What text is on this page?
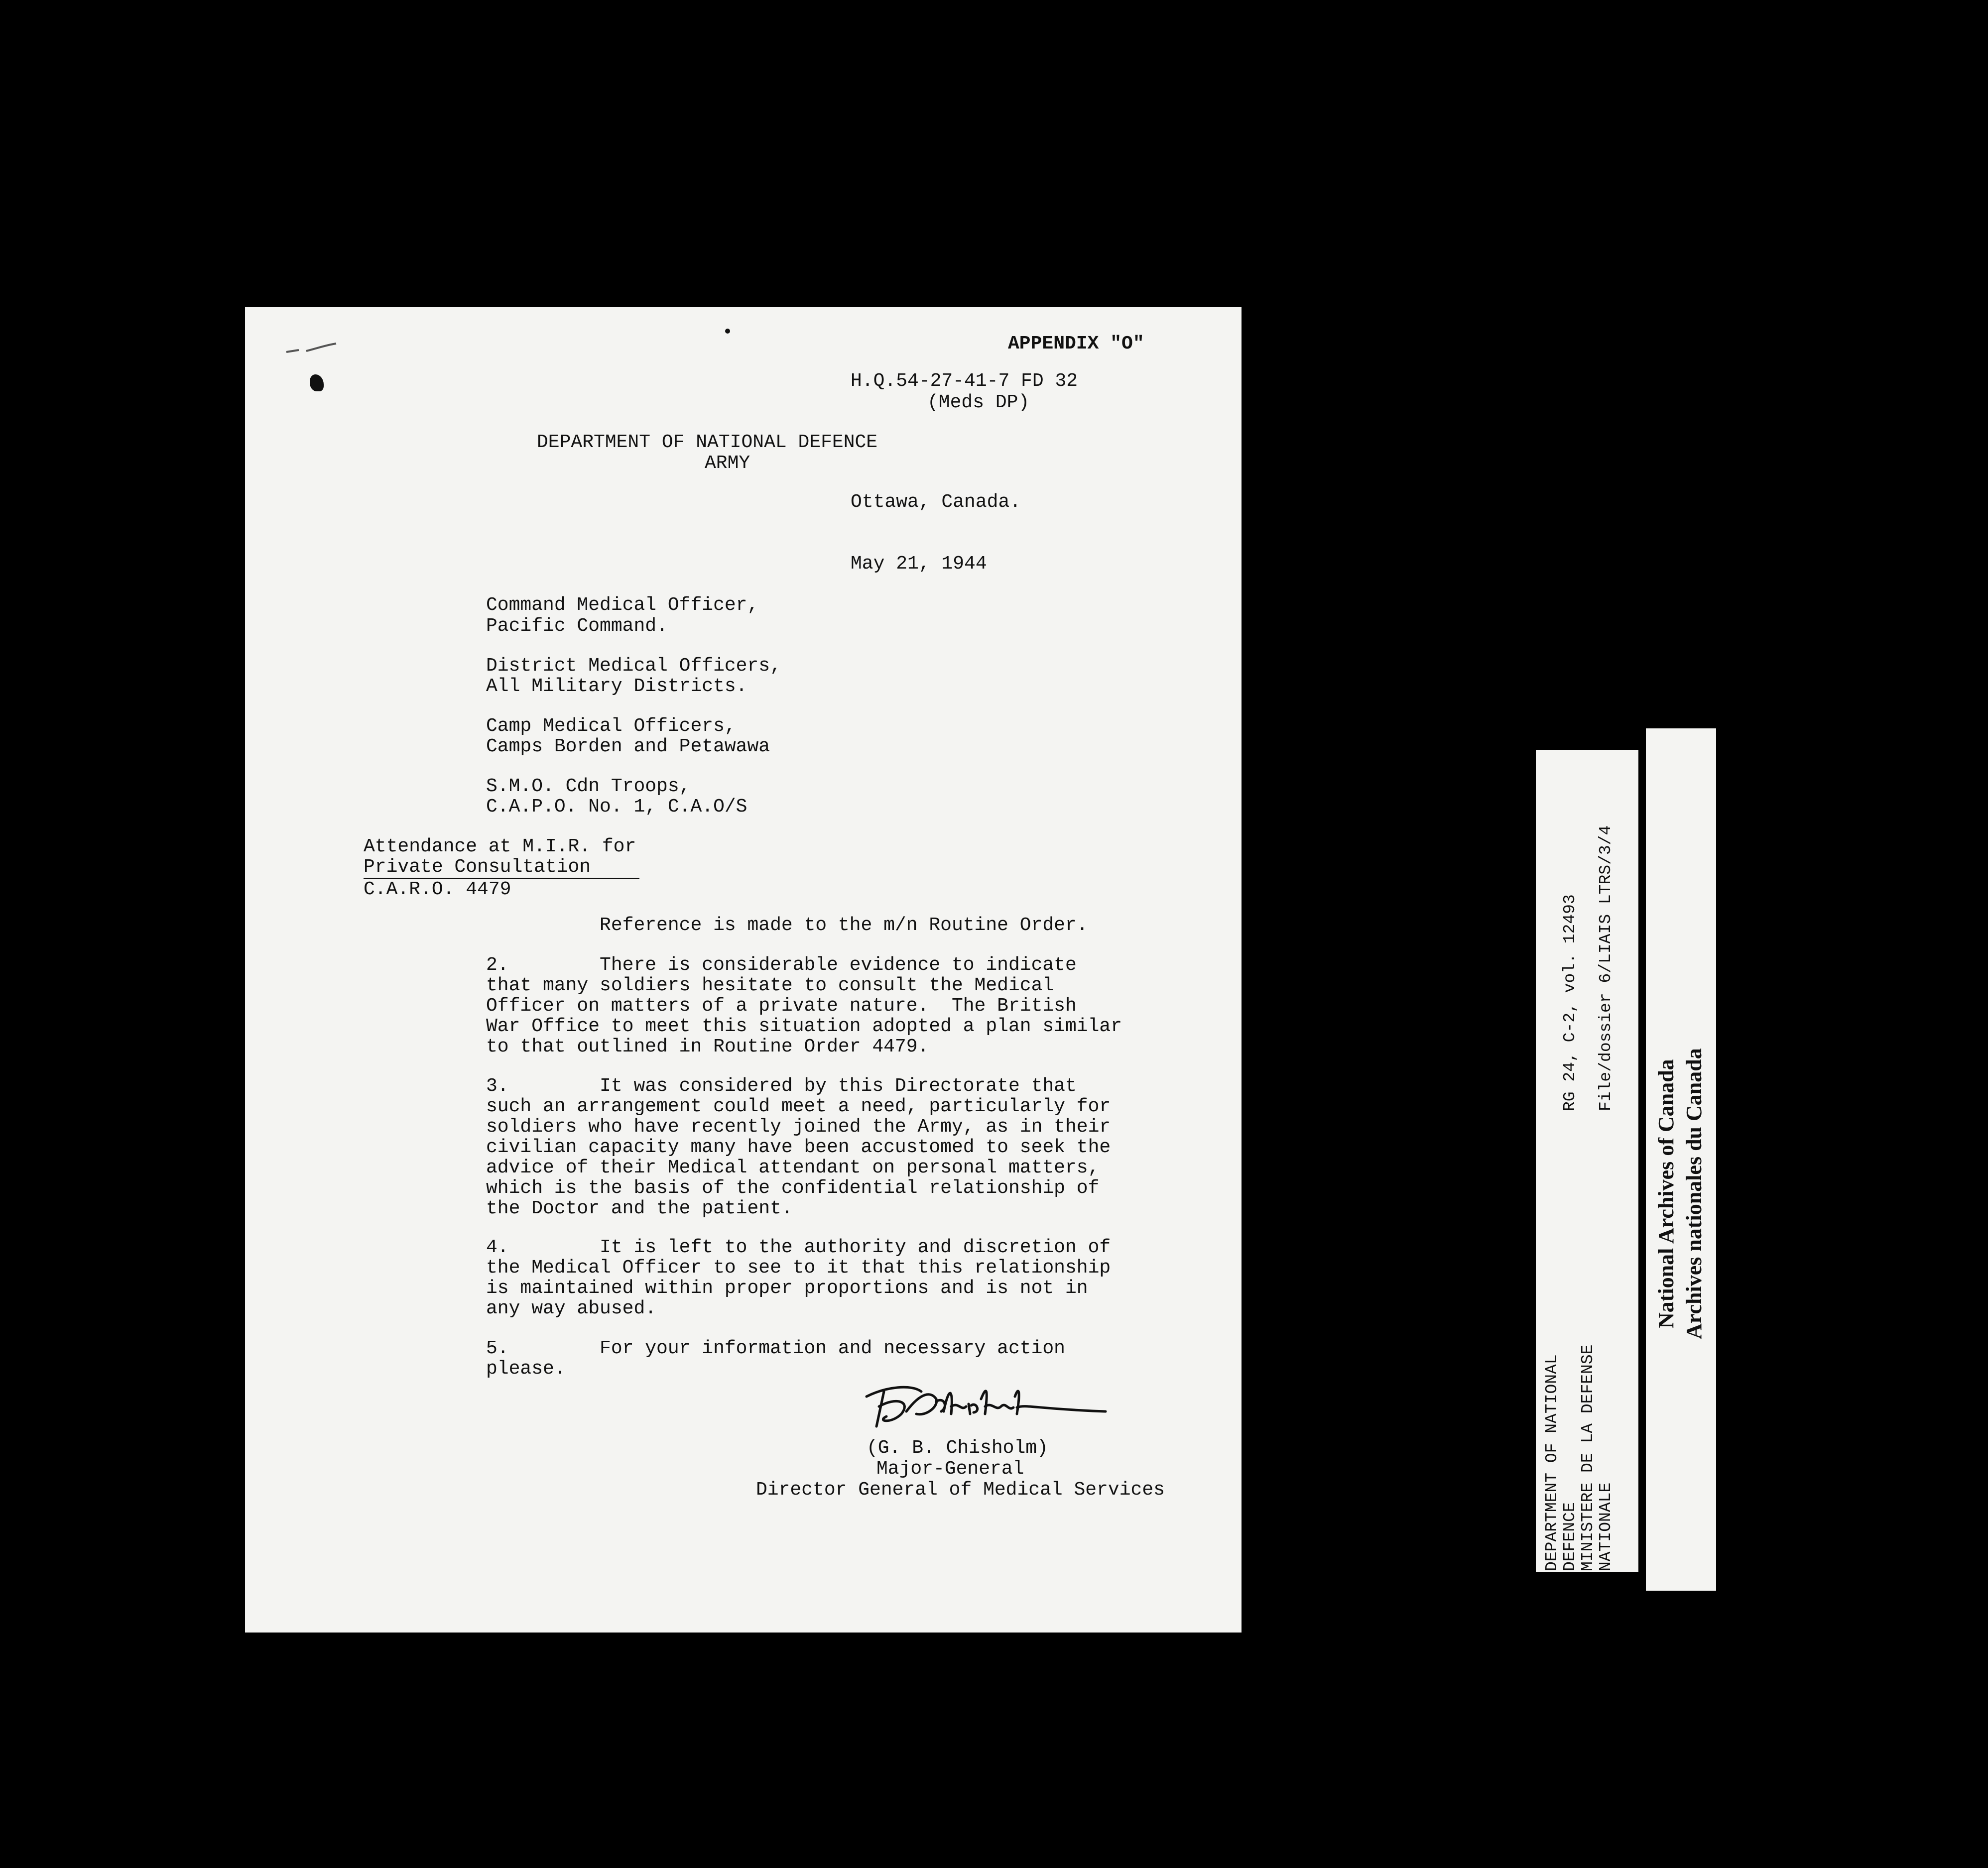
APPENDIX "O"
H.Q.54-27-41-7 FD 32
(Meds DP)
DEPARTMENT OF NATIONAL DEFENCE
ARMY
Ottawa, Canada.
May 21, 1944
Command Medical Officer,
Pacific Command.
District Medical Officers,
All Military Districts.
Camp Medical Officers,
Camps Borden and Petawawa
S.M.O. Cdn Troops,
C.A.P.O. No. 1, C.A.O/S
Attendance at M.I.R. for
Private Consultation
C.A.R.O. 4479
Reference is made to the m/n Routine Order.
2.        There is considerable evidence to indicate
that many soldiers hesitate to consult the Medical
Officer on matters of a private nature.  The British
War Office to meet this situation adopted a plan similar
to that outlined in Routine Order 4479.
3.        It was considered by this Directorate that
such an arrangement could meet a need, particularly for
soldiers who have recently joined the Army, as in their
civilian capacity many have been accustomed to seek the
advice of their Medical attendant on personal matters,
which is the basis of the confidential relationship of
the Doctor and the patient.
4.        It is left to the authority and discretion of
the Medical Officer to see to it that this relationship
is maintained within proper proportions and is not in
any way abused.
5.        For your information and necessary action
please.
(G. B. Chisholm)
Major-General
Director General of Medical Services	DEPARTMENT OF NATIONAL DEFENCE MINISTERE DE LA DEFENSE NATIONALE
RG 24, C-2, vol. 12493 File/dossier 6/LIAIS LTRS/3/4
National Archives of Canada Archives nationales du Canada
